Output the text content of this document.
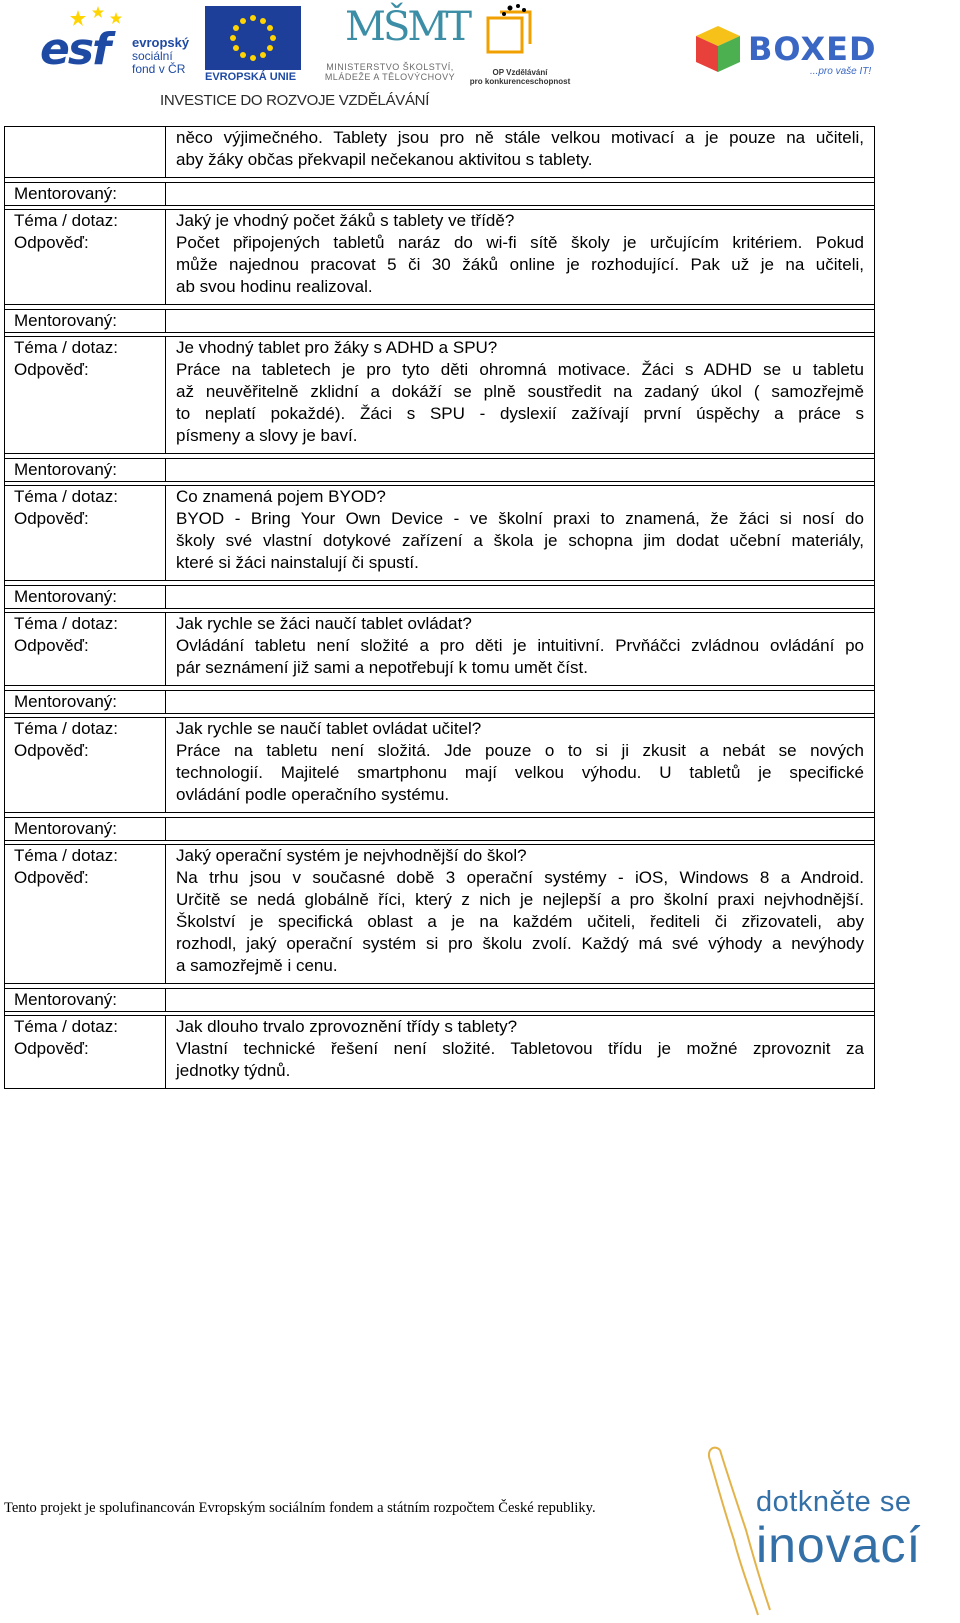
esf evropský
sociální
fond v ČR
EVROPSKÁ UNIE
MŠMT
MINISTERSTVO ŠKOLSTVÍ,
MLÁDEŽE A TĚLOVÝCHOVY	OP Vzdělávání
pro konkurenceschopnost
BOXED
...pro vaše IT!
INVESTICE DO ROZVOJE VZDĚLÁVÁNÍ
něco výjimečného. Tablety jsou pro ně stále velkou motivací a je pouze na učiteli,
aby žáky občas překvapil nečekanou aktivitou s tablety.
Mentorovaný:
Téma / dotaz:	Jaký je vhodný počet žáků s tablety ve třídě?
Odpověď:	Počet připojených tabletů naráz do wi-fi sítě školy je určujícím kritériem. Pokud
může najednou pracovat 5 či 30 žáků online je rozhodující. Pak už je na učiteli,
ab svou hodinu realizoval.
Mentorovaný:
Téma / dotaz:	Je vhodný tablet pro žáky s ADHD a SPU?
Odpověď:	Práce na tabletech je pro tyto děti ohromná motivace. Žáci s ADHD se u tabletu
až neuvěřitelně zklidní a dokáží se plně soustředit na zadaný úkol ( samozřejmě
to neplatí pokaždé). Žáci s SPU - dyslexií zažívají první úspěchy a práce s
písmeny a slovy je baví.
Mentorovaný:
Téma / dotaz:	Co znamená pojem BYOD?
Odpověď:	BYOD - Bring Your Own Device - ve školní praxi to znamená, že žáci si nosí do
školy své vlastní dotykové zařízení a škola je schopna jim dodat učební materiály,
které si žáci nainstalují či spustí.
Mentorovaný:
Téma / dotaz:	Jak rychle se žáci naučí tablet ovládat?
Odpověď:	Ovládání tabletu není složité a pro děti je intuitivní. Prvňáčci zvládnou ovládání po
pár seznámení již sami a nepotřebují k tomu umět číst.
Mentorovaný:
Téma / dotaz:	Jak rychle se naučí tablet ovládat učitel?
Odpověď:	Práce na tabletu není složitá. Jde pouze o to si ji zkusit a nebát se nových
technologií. Majitelé smartphonu mají velkou výhodu. U tabletů je specifické
ovládání podle operačního systému.
Mentorovaný:
Téma / dotaz:	Jaký operační systém je nejvhodnější do škol?
Odpověď:	Na trhu jsou v současné době 3 operační systémy - iOS, Windows 8 a Android.
Určitě se nedá globálně říci, který z nich je nejlepší a pro školní praxi nejvhodnější.
Školství je specifická oblast a je na každém učiteli, řediteli či zřizovateli, aby
rozhodl, jaký operační systém si pro školu zvolí. Každý má své výhody a nevýhody
a samozřejmě i cenu.
Mentorovaný:
Téma / dotaz:	Jak dlouho trvalo zprovoznění třídy s tablety?
Odpověď:	Vlastní technické řešení není složité. Tabletovou třídu je možné zprovoznit za
jednotky týdnů.
Tento projekt je spolufinancován Evropským sociálním fondem a státním rozpočtem České republiky.	dotkněte se
inovací
